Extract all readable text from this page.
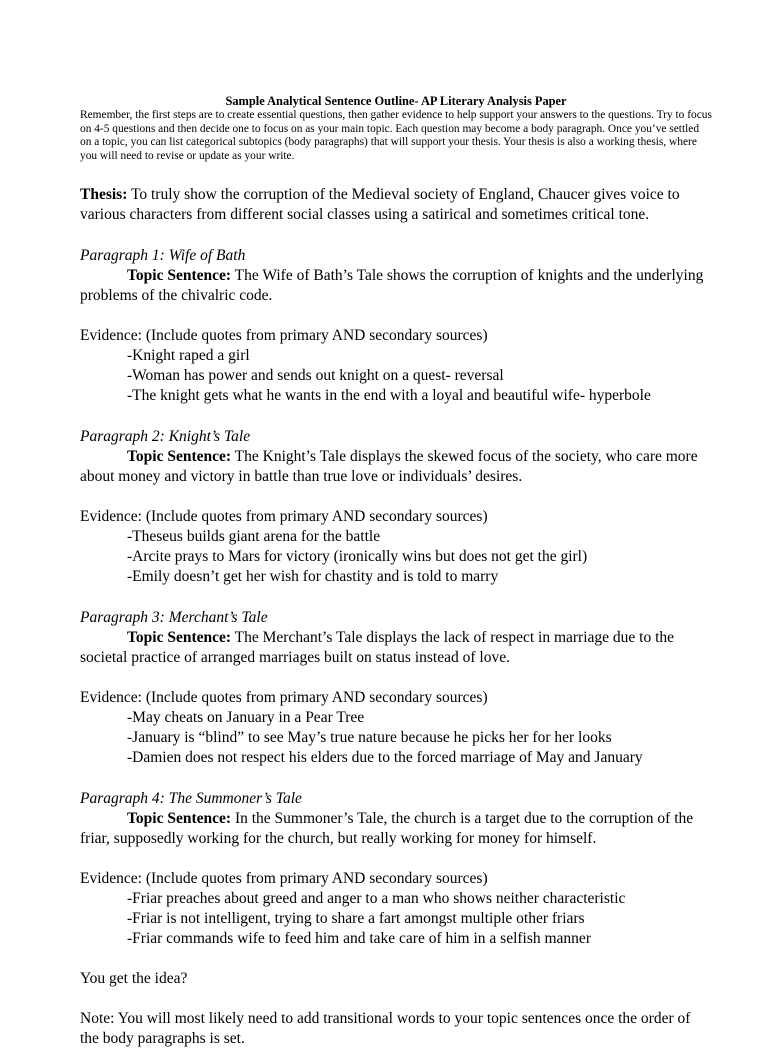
Sample Analytical Sentence Outline- AP Literary Analysis Paper

Remember, the first steps are to create essential questions, then gather evidence to help support your answers to the questions. Try to focus on 4-5 questions and then decide one to focus on as your main topic. Each question may become a body paragraph. Once you’ve settled on a topic, you can list categorical subtopics (body paragraphs) that will support your thesis. Your thesis is also a working thesis, where you will need to revise or update as your write.

Thesis: To truly show the corruption of the Medieval society of England, Chaucer gives voice to various characters from different social classes using a satirical and sometimes critical tone.

Paragraph 1: Wife of Bath

Topic Sentence: The Wife of Bath’s Tale shows the corruption of knights and the underlying problems of the chivalric code.

Evidence: (Include quotes from primary AND secondary sources)

-Knight raped a girl

-Woman has power and sends out knight on a quest- reversal

-The knight gets what he wants in the end with a loyal and beautiful wife- hyperbole

Paragraph 2: Knight’s Tale

Topic Sentence: The Knight’s Tale displays the skewed focus of the society, who care more about money and victory in battle than true love or individuals’ desires.

Evidence: (Include quotes from primary AND secondary sources)

-Theseus builds giant arena for the battle

-Arcite prays to Mars for victory (ironically wins but does not get the girl)

-Emily doesn’t get her wish for chastity and is told to marry

Paragraph 3: Merchant’s Tale

Topic Sentence: The Merchant’s Tale displays the lack of respect in marriage due to the societal practice of arranged marriages built on status instead of love.

Evidence: (Include quotes from primary AND secondary sources)

-May cheats on January in a Pear Tree

-January is “blind” to see May’s true nature because he picks her for her looks

-Damien does not respect his elders due to the forced marriage of May and January

Paragraph 4: The Summoner’s Tale

Topic Sentence: In the Summoner’s Tale, the church is a target due to the corruption of the friar, supposedly working for the church, but really working for money for himself.

Evidence: (Include quotes from primary AND secondary sources)

-Friar preaches about greed and anger to a man who shows neither characteristic

-Friar is not intelligent, trying to share a fart amongst multiple other friars

-Friar commands wife to feed him and take care of him in a selfish manner

You get the idea?

Note: You will most likely need to add transitional words to your topic sentences once the order of the body paragraphs is set.
